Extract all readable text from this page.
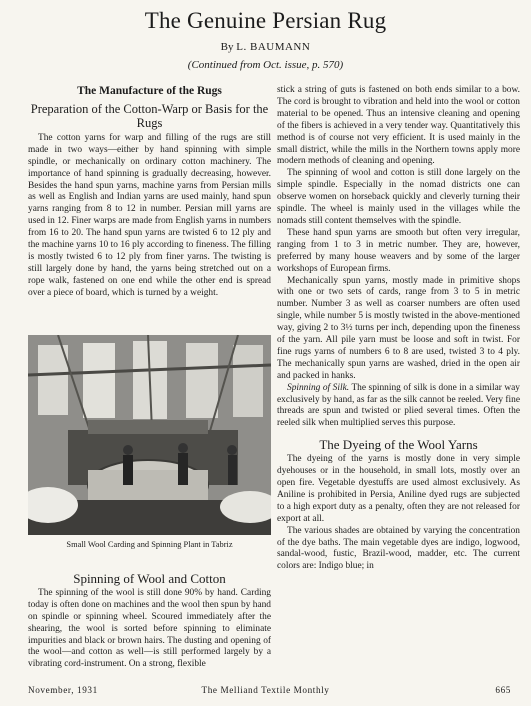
The Genuine Persian Rug
By L. BAUMANN
(Continued from Oct. issue, p. 570)
The Manufacture of the Rugs
Preparation of the Cotton-Warp or Basis for the Rugs

The cotton yarns for warp and filling of the rugs are still made in two ways—either by hand spinning with simple spindle, or mechanically on ordinary cotton machinery. The importance of hand spinning is gradually decreasing, however. Besides the hand spun yarns, machine yarns from Persian mills as well as English and Indian yarns are used mainly, hand spun yarns ranging from 8 to 12 in number. Persian mill yarns are used in 12. Finer warps are made from English yarns in numbers from 16 to 20. The hand spun yarns are twisted 6 to 12 ply and the machine yarns 10 to 16 ply according to fineness. The filling is mostly twisted 6 to 12 ply from finer yarns. The twisting is still largely done by hand, the yarns being stretched out on a rope walk, fastened on one end while the other end is spread over a piece of board, which is turned by a weight.

Small Wool Carding and Spinning Plant in Tabriz
Spinning of Wool and Cotton

The spinning of the wool is still done 90% by hand. Carding today is often done on machines and the wool then spun by hand on spindle or spinning wheel. Scoured immediately after the shearing, the wool is sorted before spinning to eliminate impurities and black or brown hairs. The dusting and opening of the wool—and cotton as well—is still performed largely by a vibrating cord-instrument. On a strong, flexible

stick a string of guts is fastened on both ends similar to a bow. The cord is brought to vibration and held into the wool or cotton material to be opened. Thus an intensive cleaning and opening of the fibers is achieved in a very tender way. Quantitatively this method is of course not very efficient. It is used mainly in the small district, while the mills in the Northern towns apply more modern methods of cleaning and opening.

The spinning of wool and cotton is still done largely on the simple spindle. Especially in the nomad districts one can observe women on horseback quickly and cleverly turning their spindle. The wheel is mainly used in the villages while the nomads still content themselves with the spindle.

These hand spun yarns are smooth but often very irregular, ranging from 1 to 3 in metric number. They are, however, preferred by many house weavers and by some of the larger workshops of European firms.

Mechanically spun yarns, mostly made in primitive shops with one or two sets of cards, range from 3 to 5 in metric number. Number 3 as well as coarser numbers are often used single, while number 5 is mostly twisted in the above-mentioned way, giving 2 to 3½ turns per inch, depending upon the fineness of the yarn. All pile yarn must be loose and soft in twist. For fine rugs yarns of numbers 6 to 8 are used, twisted 3 to 4 ply. The mechanically spun yarns are washed, dried in the open air and packed in hanks.

Spinning of Silk. The spinning of silk is done in a similar way exclusively by hand, as far as the silk cannot be reeled. Very fine threads are spun and twisted or plied several times. Often the reeled silk when multiplied serves this purpose.

The Dyeing of the Wool Yarns

The dyeing of the yarns is mostly done in very simple dyehouses or in the household, in small lots, mostly over an open fire. Vegetable dyestuffs are used almost exclusively. As Aniline is prohibited in Persia, Aniline dyed rugs are subjected to a high export duty as a penalty, often they are not released for export at all.

The various shades are obtained by varying the concentration of the dye baths. The main vegetable dyes are indigo, logwood, sandal-wood, fustic, Brazil-wood, madder, etc. The current colors are: Indigo blue; in

November, 1931	The Melliand Textile Monthly	665
